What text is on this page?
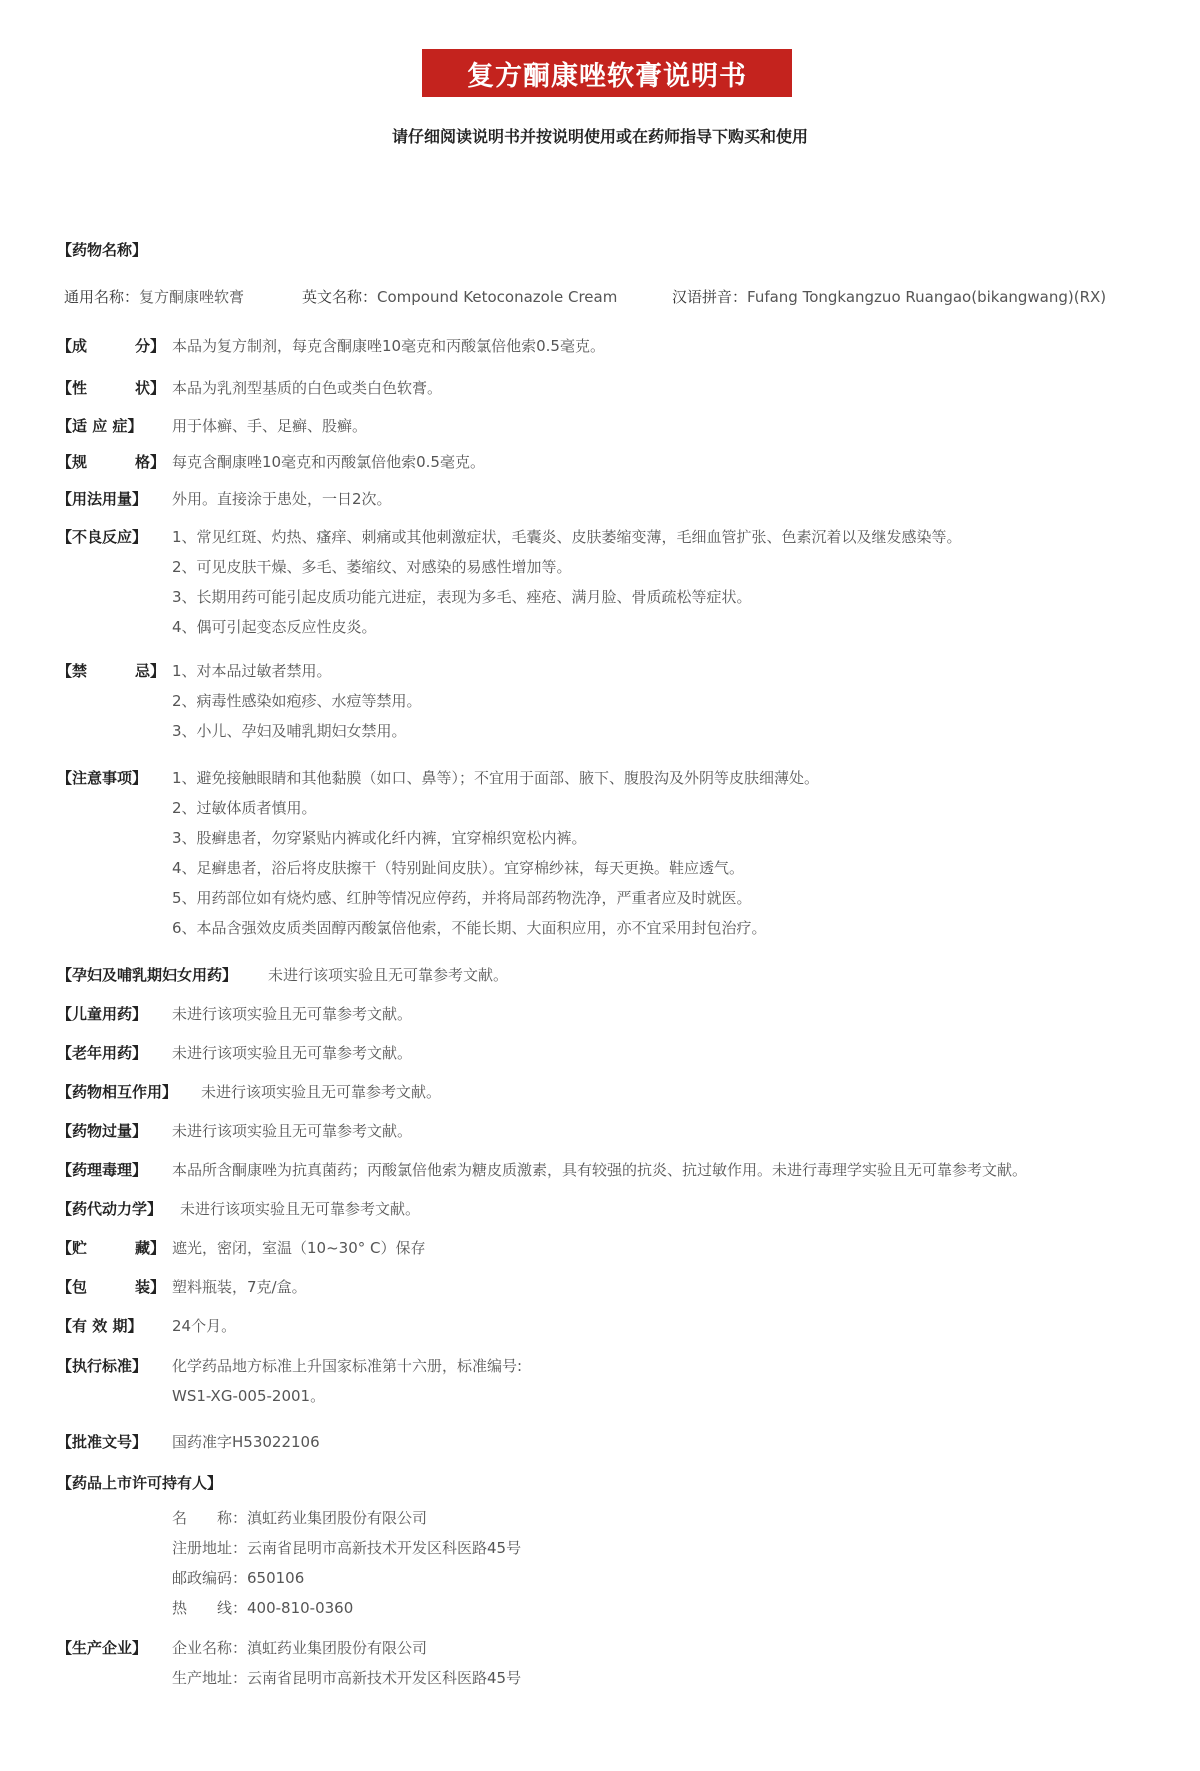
复方酮康唑软膏说明书
请仔细阅读说明书并按说明使用或在药师指导下购买和使用
【药物名称】
通用名称：复方酮康唑软膏	英文名称：Compound Ketoconazole Cream	汉语拼音：Fufang Tongkangzuo Ruangao(bikangwang)(RX)
【成	分】 本品为复方制剂，每克含酮康唑10毫克和丙酸氯倍他索0.5毫克。
【性	状】 本品为乳剂型基质的白色或类白色软膏。
【适 应 症】 用于体癣、手、足癣、股癣。
【规	格】 每克含酮康唑10毫克和丙酸氯倍他索0.5毫克。
【用法用量】 外用。直接涂于患处，一日2次。
【不良反应】 1、常见红斑、灼热、瘙痒、刺痛或其他刺激症状，毛囊炎、皮肤萎缩变薄，毛细血管扩张、色素沉着以及继发感染等。
2、可见皮肤干燥、多毛、萎缩纹、对感染的易感性增加等。
3、长期用药可能引起皮质功能亢进症，表现为多毛、痤疮、满月脸、骨质疏松等症状。
4、偶可引起变态反应性皮炎。
【禁	忌】 1、对本品过敏者禁用。
2、病毒性感染如疱疹、水痘等禁用。
3、小儿、孕妇及哺乳期妇女禁用。
【注意事项】 1、避免接触眼睛和其他黏膜（如口、鼻等）；不宜用于面部、腋下、腹股沟及外阴等皮肤细薄处。
2、过敏体质者慎用。
3、股癣患者，勿穿紧贴内裤或化纤内裤，宜穿棉织宽松内裤。
4、足癣患者，浴后将皮肤擦干（特别趾间皮肤）。宜穿棉纱袜，每天更换。鞋应透气。
5、用药部位如有烧灼感、红肿等情况应停药，并将局部药物洗净，严重者应及时就医。
6、本品含强效皮质类固醇丙酸氯倍他索，不能长期、大面积应用，亦不宜采用封包治疗。
【孕妇及哺乳期妇女用药】 未进行该项实验且无可靠参考文献。
【儿童用药】 未进行该项实验且无可靠参考文献。
【老年用药】 未进行该项实验且无可靠参考文献。
【药物相互作用】 未进行该项实验且无可靠参考文献。
【药物过量】 未进行该项实验且无可靠参考文献。
【药理毒理】 本品所含酮康唑为抗真菌药；丙酸氯倍他索为糖皮质激素，具有较强的抗炎、抗过敏作用。未进行毒理学实验且无可靠参考文献。
【药代动力学】 未进行该项实验且无可靠参考文献。
【贮	藏】 遮光，密闭，室温（10~30° C）保存
【包	装】 塑料瓶装，7克/盒。
【有 效 期】 24个月。
【执行标准】 化学药品地方标准上升国家标准第十六册，标准编号:
WS1-XG-005-2001。
【批准文号】 国药准字H53022106
【药品上市许可持有人】
名　　称：滇虹药业集团股份有限公司
注册地址：云南省昆明市高新技术开发区科医路45号
邮政编码：650106
热　　线：400-810-0360
【生产企业】 企业名称：滇虹药业集团股份有限公司
生产地址：云南省昆明市高新技术开发区科医路45号
